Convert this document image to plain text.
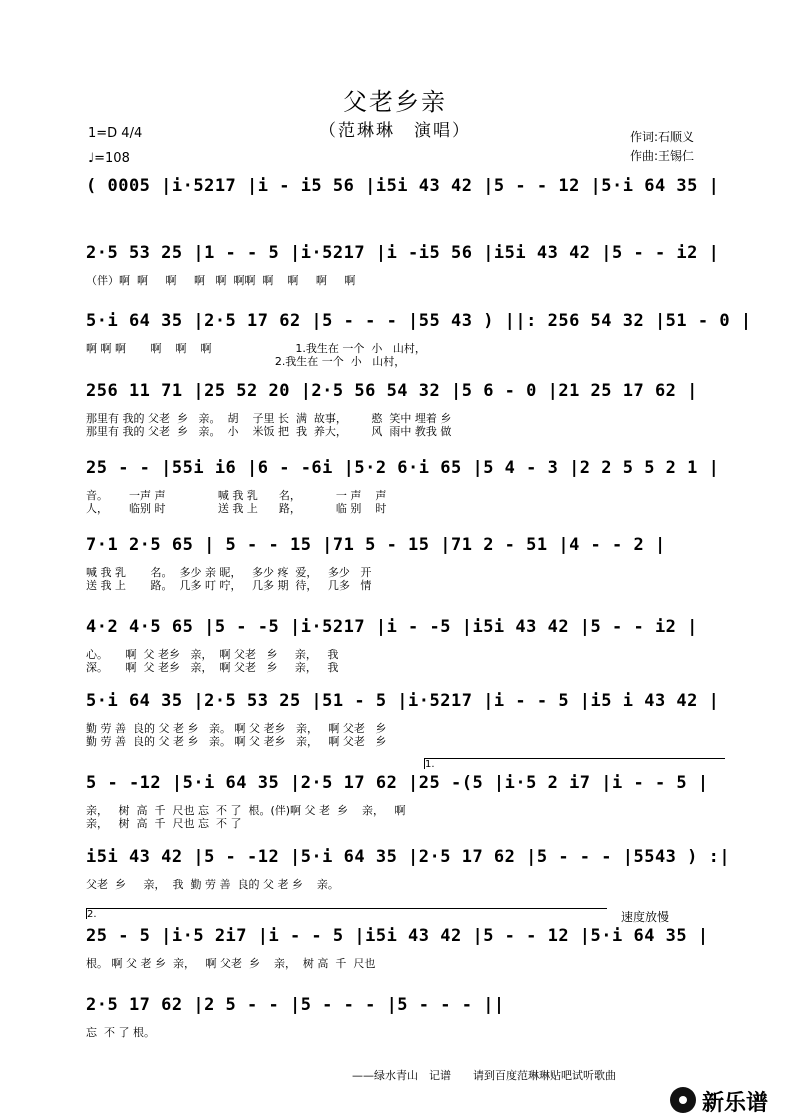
父老乡亲
（范琳琳　演唱）
1=D 4/4
♩=108
作词:石顺义
作曲:王锡仁
( 0005 |i·5217 |i - i5 56 |i5i 43 42 |5 - - 12 |5·i 64 35 |
2·5 53 25 |1 - - 5 |i·5217 |i -i5 56 |i5i 43 42 |5 - - i2 |
（伴）啊  啊     啊     啊   啊  啊啊  啊    啊     啊     啊
5·i 64 35 |2·5 17 62 |5 - - - |55 43 ) ||: 256 54 32 |51 - 0 |
啊 啊 啊       啊    啊    啊                        1.我生在 一个  小   山村，
2.我生在 一个  小   山村，
256 11 71 |25 52 20 |2·5 56 54 32 |5 6 - 0 |21 25 17 62 |
那里有 我的 父老  乡   亲。  胡    子里 长  满  故事，       憨  笑中 埋着 乡
那里有 我的 父老  乡   亲。  小    米饭 把  我  养大，       风  雨中 教我 做
25 - - |55i i6 |6 - -6i |5·2 6·i 65 |5 4 - 3 |2 2 5 5 2 1 |
音。      一声 声               喊 我 乳      名，          一 声    声
人，      临别 时               送 我 上      路，          临 别    时
7·1 2·5 65 | 5 - - 15 |71 5 - 15 |71 2 - 51 |4 - - 2 |
喊 我 乳       名。  多少 亲 昵，   多少 疼  爱，   多少   开
送 我 上       路。  几多 叮 咛，   几多 期  待，   几多   情
4·2 4·5 65 |5 - -5 |i·5217 |i - -5 |i5i 43 42 |5 - - i2 |
心。     啊  父 老乡   亲，  啊 父老   乡     亲，   我
深。     啊  父 老乡   亲，  啊 父老   乡     亲，   我
5·i 64 35 |2·5 53 25 |51 - 5 |i·5217 |i - - 5 |i5 i 43 42 |
勤 劳 善  良的 父 老 乡   亲。 啊 父 老乡   亲，   啊 父老   乡
勤 劳 善  良的 父 老 乡   亲。 啊 父 老乡   亲，   啊 父老   乡
5 - -12 |5·i 64 35 |2·5 17 62 |25 -(5 |i·5 2 i7 |i - - 5 |
亲，   树  高  千  尺也 忘  不 了  根。(伴)啊 父 老  乡    亲，   啊
亲，   树  高  千  尺也 忘  不 了
i5i 43 42 |5 - -12 |5·i 64 35 |2·5 17 62 |5 - - - |5543 ) :|
父老  乡     亲，  我  勤 劳 善  良的 父 老 乡    亲。
25 - 5 |i·5 2i7 |i - - 5 |i5i 43 42 |5 - - 12 |5·i 64 35 |
根。 啊 父 老 乡  亲，   啊 父老  乡    亲，  树 高  千  尺也
2·5 17 62 |2 5 - - |5 - - - |5 - - - ||
忘  不 了 根。
速度放慢
1.
2.
——绿水青山　记谱　　请到百度范琳琳贴吧试听歌曲
新乐谱
